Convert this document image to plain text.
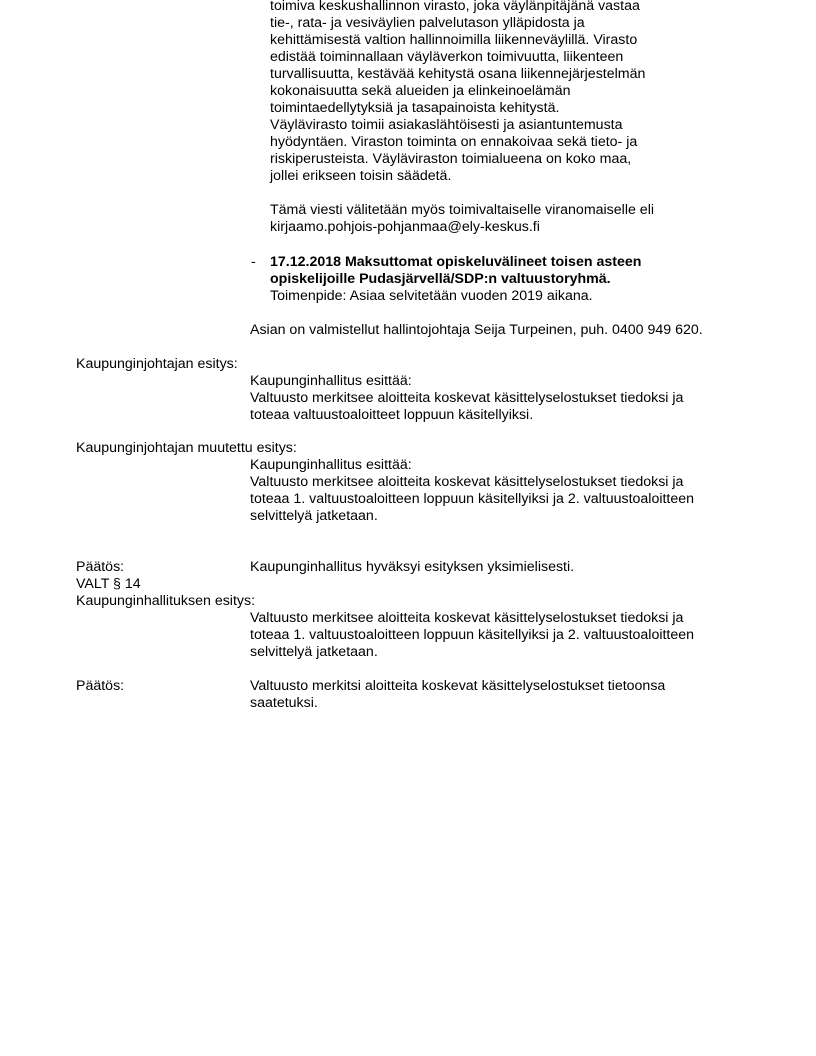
toimiva keskushallinnon virasto, joka väylänpitäjänä vastaa
tie-, rata- ja vesiväylien palvelutason ylläpidosta ja
kehittämisestä valtion hallinnoimilla liikenneväylillä. Virasto
edistää toiminnallaan väyläverkon toimivuutta, liikenteen
turvallisuutta, kestävää kehitystä osana liikennejärjestelmän
kokonaisuutta sekä alueiden ja elinkeinoelämän
toimintaedellytyksiä ja tasapainoista kehitystä.
Väylävirasto toimii asiakaslähtöisesti ja asiantuntemusta
hyödyntäen. Viraston toiminta on ennakoivaa sekä tieto- ja
riskiperusteista. Väyläviraston toimialueena on koko maa,
jollei erikseen toisin säädetä.
Tämä viesti välitetään myös toimivaltaiselle viranomaiselle eli
kirjaamo.pohjois-pohjanmaa@ely-keskus.fi
- 17.12.2018 Maksuttomat opiskeluvälineet toisen asteen
opiskelijoille Pudasjärvellä/SDP:n valtuustoryhmä.
Toimenpide: Asiaa selvitetään vuoden 2019 aikana.
Asian on valmistellut hallintojohtaja Seija Turpeinen, puh. 0400 949 620.
Kaupunginjohtajan esitys:
Kaupunginhallitus esittää:
Valtuusto merkitsee aloitteita koskevat käsittelyselostukset tiedoksi ja
toteaa valtuustoaloitteet loppuun käsitellyiksi.
Kaupunginjohtajan muutettu esitys:
Kaupunginhallitus esittää:
Valtuusto merkitsee aloitteita koskevat käsittelyselostukset tiedoksi ja
toteaa 1. valtuustoaloitteen loppuun käsitellyiksi ja 2. valtuustoaloitteen
selvittelyä jatketaan.
Päätös:	Kaupunginhallitus hyväksyi esityksen yksimielisesti.
VALT § 14
Kaupunginhallituksen esitys:
Valtuusto merkitsee aloitteita koskevat käsittelyselostukset tiedoksi ja
toteaa 1. valtuustoaloitteen loppuun käsitellyiksi ja 2. valtuustoaloitteen
selvittelyä jatketaan.
Päätös:	Valtuusto merkitsi aloitteita koskevat käsittelyselostukset tietoonsa
saatetuksi.
